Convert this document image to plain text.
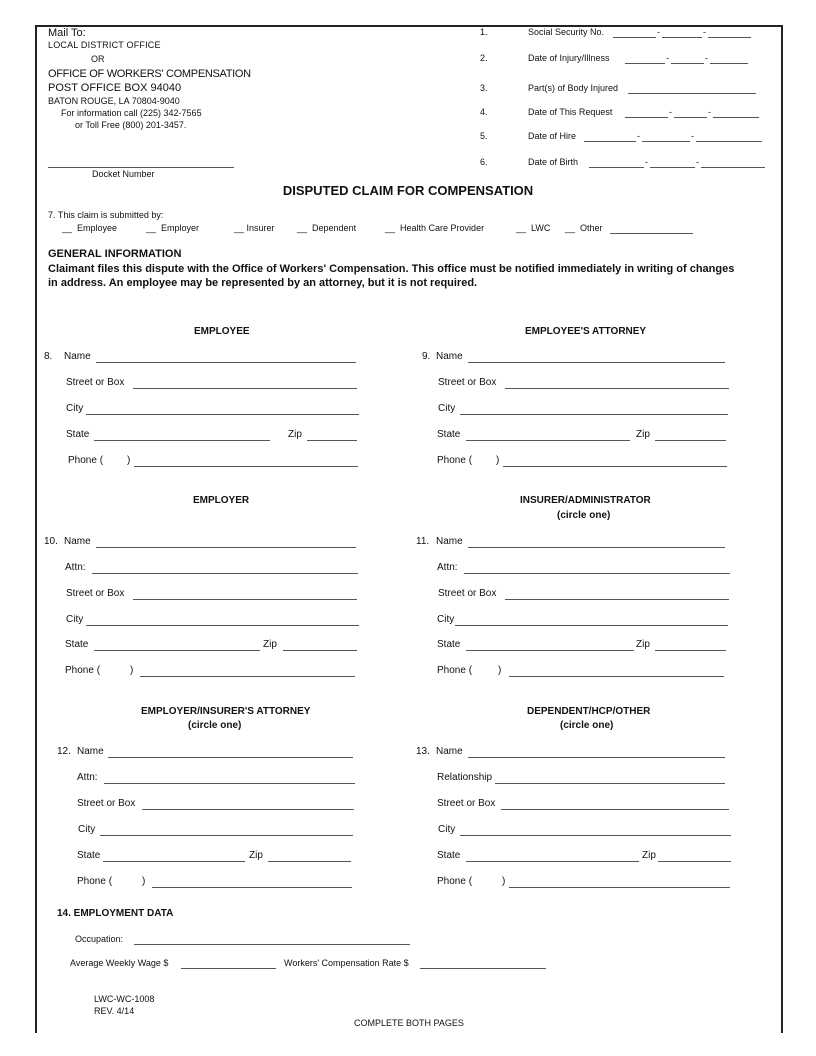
Mail To:
LOCAL DISTRICT OFFICE
OR
OFFICE OF WORKERS' COMPENSATION
POST OFFICE BOX 94040
BATON ROUGE, LA 70804-9040
For information call (225) 342-7565
or Toll Free (800) 201-3457.
Docket Number
1.	Social Security No.	-	-
2.	Date of Injury/Illness	-	-
3.	Part(s) of Body Injured
4.	Date of This Request	-	-
5.	Date of Hire	-	-
6.	Date of Birth	-	-
DISPUTED CLAIM FOR COMPENSATION
7. This claim is submitted by:
__ Employee	__ Employer	__ Insurer __ Dependent	__ Health Care Provider	__ LWC __ Other
GENERAL INFORMATION
Claimant files this dispute with the Office of Workers' Compensation. This office must be notified immediately in writing of changes
in address. An employee may be represented by an attorney, but it is not required.
EMPLOYEE
8. Name
Street or Box
City
State	Zip
Phone ( )
EMPLOYEE'S ATTORNEY
9. Name
Street or Box
City
State	Zip
Phone ( )
EMPLOYER
10. Name
Attn:
Street or Box
City
State	Zip
Phone (	)
INSURER/ADMINISTRATOR
(circle one)
11. Name
Attn:
Street or Box
City
State	Zip
Phone (	)
EMPLOYER/INSURER'S ATTORNEY
(circle one)
12. Name
Attn:
Street or Box
City
State	Zip
Phone (	)
DEPENDENT/HCP/OTHER
(circle one)
13. Name
Relationship
Street or Box
City
State	Zip
Phone (	)
14. EMPLOYMENT DATA
Occupation:
Average Weekly Wage $	Workers' Compensation Rate $
LWC-WC-1008
REV. 4/14
COMPLETE BOTH PAGES
